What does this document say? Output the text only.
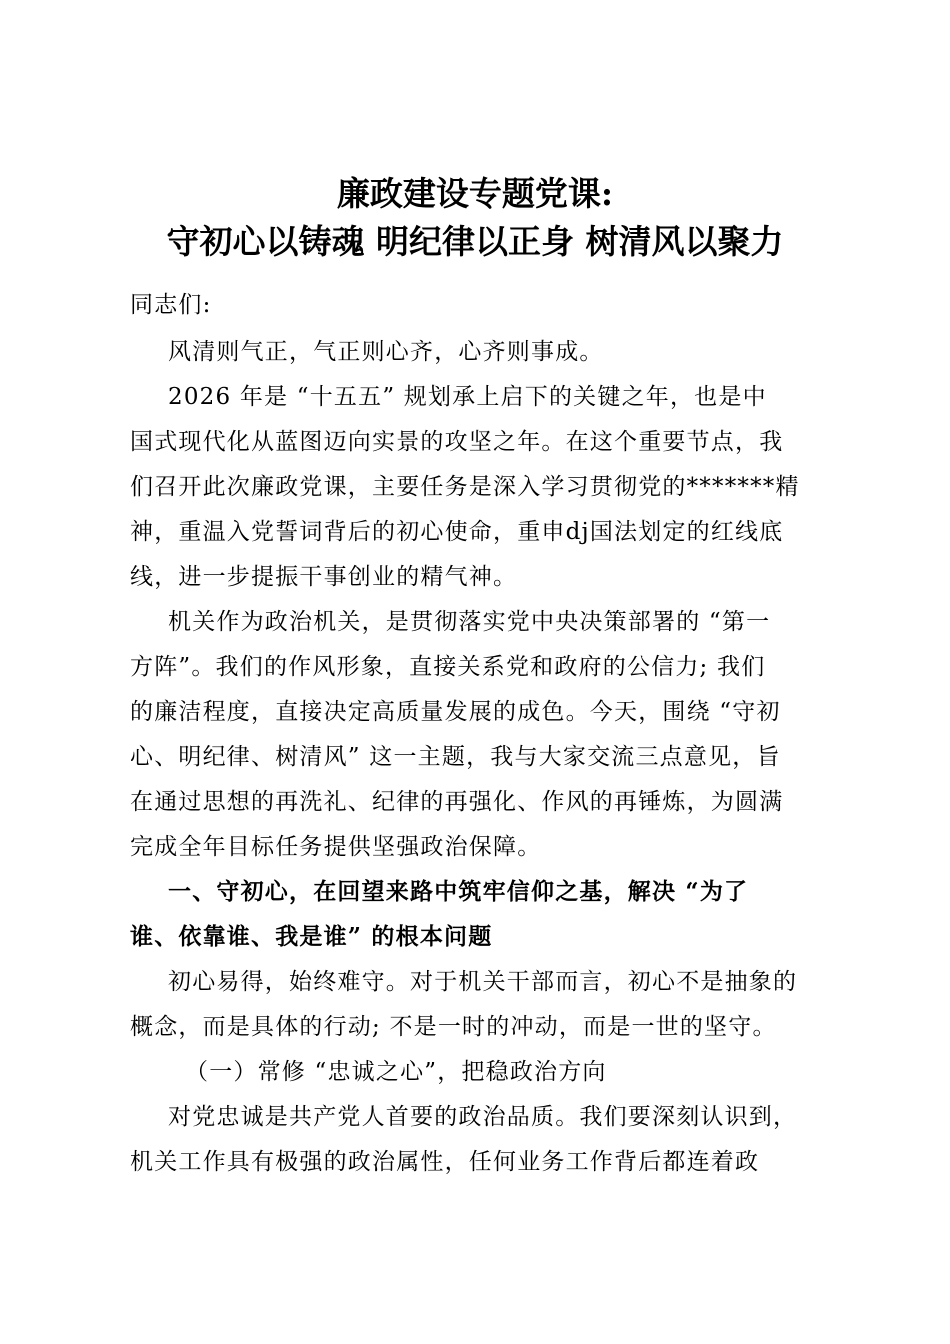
廉政建设专题党课:
守初心以铸魂 明纪律以正身 树清风以聚力
同志们:
风清则气正，气正则心齐，心齐则事成。
2026 年是 “十五五” 规划承上启下的关键之年，也是中
国式现代化从蓝图迈向实景的攻坚之年。在这个重要节点，我
们召开此次廉政党课，主要任务是深入学习贯彻党的*******精
神，重温入党誓词背后的初心使命，重申dj国法划定的红线底
线，进一步提振干事创业的精气神。
机关作为政治机关，是贯彻落实党中央决策部署的 “第一
方阵”。我们的作风形象，直接关系党和政府的公信力; 我们
的廉洁程度，直接决定高质量发展的成色。今天，围绕 “守初
心、明纪律、树清风” 这一主题，我与大家交流三点意见，旨
在通过思想的再洗礼、纪律的再强化、作风的再锤炼，为圆满
完成全年目标任务提供坚强政治保障。
一、守初心，在回望来路中筑牢信仰之基，解决 “为了
谁、依靠谁、我是谁” 的根本问题
初心易得，始终难守。对于机关干部而言，初心不是抽象的
概念，而是具体的行动; 不是一时的冲动，而是一世的坚守。
（一）常修 “忠诚之心”，把稳政治方向
对党忠诚是共产党人首要的政治品质。我们要深刻认识到，
机关工作具有极强的政治属性，任何业务工作背后都连着政
